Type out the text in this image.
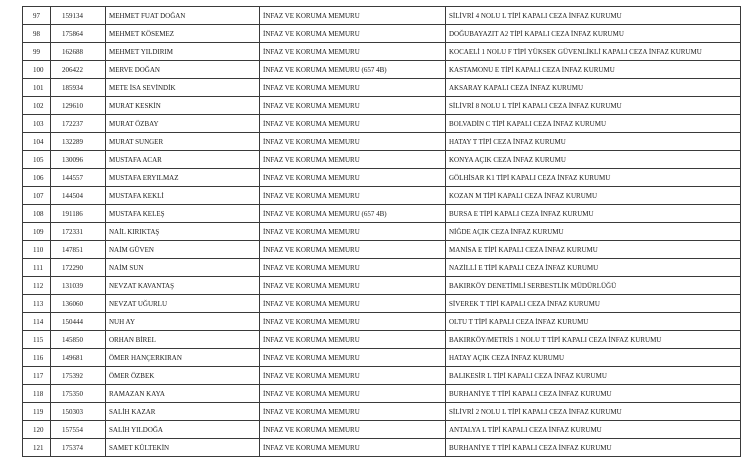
97	159134	MEHMET FUAT DOĞAN	İNFAZ VE KORUMA MEMURU	SİLİVRİ 4 NOLU L TİPİ KAPALI CEZA İNFAZ KURUMU
98	175864	MEHMET KÖSEMEZ	İNFAZ VE KORUMA MEMURU	DOĞUBAYAZIT A2 TİPİ KAPALI CEZA İNFAZ KURUMU
99	162688	MEHMET YILDIRIM	İNFAZ VE KORUMA MEMURU	KOCAELİ 1 NOLU F TİPİ YÜKSEK GÜVENLİKLİ KAPALI CEZA İNFAZ KURUMU
100	206422	MERVE DOĞAN	İNFAZ VE KORUMA MEMURU (657 4B)	KASTAMONU E TİPİ KAPALI CEZA İNFAZ KURUMU
101	185934	METE İSA SEVİNDİK	İNFAZ VE KORUMA MEMURU	AKSARAY KAPALI CEZA İNFAZ KURUMU
102	129610	MURAT KESKİN	İNFAZ VE KORUMA MEMURU	SİLİVRİ 8 NOLU L TİPİ KAPALI CEZA İNFAZ KURUMU
103	172237	MURAT ÖZBAY	İNFAZ VE KORUMA MEMURU	BOLVADİN C TİPİ KAPALI CEZA İNFAZ KURUMU
104	132289	MURAT SUNGER	İNFAZ VE KORUMA MEMURU	HATAY T TİPİ CEZA İNFAZ KURUMU
105	130096	MUSTAFA ACAR	İNFAZ VE KORUMA MEMURU	KONYA AÇIK CEZA İNFAZ KURUMU
106	144557	MUSTAFA ERYILMAZ	İNFAZ VE KORUMA MEMURU	GÖLHİSAR K1 TİPİ KAPALI CEZA İNFAZ KURUMU
107	144504	MUSTAFA KEKLİ	İNFAZ VE KORUMA MEMURU	KOZAN M TİPİ KAPALI CEZA İNFAZ KURUMU
108	191186	MUSTAFA KELEŞ	İNFAZ VE KORUMA MEMURU (657 4B)	BURSA E TİPİ KAPALI CEZA İNFAZ KURUMU
109	172331	NAİL KIRIKTAŞ	İNFAZ VE KORUMA MEMURU	NİĞDE AÇIK CEZA İNFAZ KURUMU
110	147851	NAİM GÜVEN	İNFAZ VE KORUMA MEMURU	MANİSA E TİPİ KAPALI CEZA İNFAZ KURUMU
111	172290	NAİM SUN	İNFAZ VE KORUMA MEMURU	NAZİLLİ E TİPİ KAPALI CEZA İNFAZ KURUMU
112	131039	NEVZAT KAVANTAŞ	İNFAZ VE KORUMA MEMURU	BAKIRKÖY DENETİMLİ SERBESTLİK MÜDÜRLÜĞÜ
113	136060	NEVZAT UĞURLU	İNFAZ VE KORUMA MEMURU	SİVEREK T TİPİ KAPALI CEZA İNFAZ KURUMU
114	150444	NUH AY	İNFAZ VE KORUMA MEMURU	OLTU T TİPİ KAPALI CEZA İNFAZ KURUMU
115	145850	ORHAN BİREL	İNFAZ VE KORUMA MEMURU	BAKIRKÖY/METRİS 1 NOLU T TİPİ KAPALI CEZA İNFAZ KURUMU
116	149681	ÖMER HANÇERKIRAN	İNFAZ VE KORUMA MEMURU	HATAY AÇIK CEZA İNFAZ KURUMU
117	175392	ÖMER ÖZBEK	İNFAZ VE KORUMA MEMURU	BALIKESİR L TİPİ KAPALI CEZA İNFAZ KURUMU
118	175350	RAMAZAN KAYA	İNFAZ VE KORUMA MEMURU	BURHANİYE T TİPİ KAPALI CEZA İNFAZ KURUMU
119	150303	SALİH KAZAR	İNFAZ VE KORUMA MEMURU	SİLİVRİ 2 NOLU L TİPİ KAPALI CEZA İNFAZ KURUMU
120	157554	SALİH YILDOĞA	İNFAZ VE KORUMA MEMURU	ANTALYA L TİPİ KAPALI CEZA İNFAZ KURUMU
121	175374	SAMET KÜLTEKİN	İNFAZ VE KORUMA MEMURU	BURHANİYE T TİPİ KAPALI CEZA İNFAZ KURUMU
